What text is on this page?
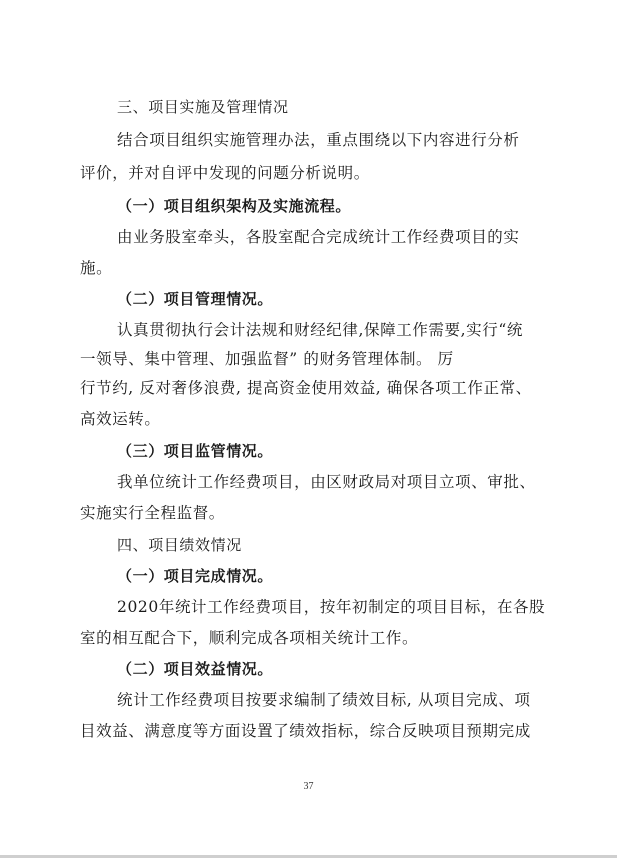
三、项目实施及管理情况
结合项目组织实施管理办法，重点围绕以下内容进行分析
评价，并对自评中发现的问题分析说明。
（一）项目组织架构及实施流程。
由业务股室牵头，各股室配合完成统计工作经费项目的实
施。
（二）项目管理情况。
认真贯彻执行会计法规和财经纪律,保障工作需要,实行“统
一领导、集中管理、加强监督” 的财务管理体制。 厉
行节约, 反对奢侈浪费, 提高资金使用效益, 确保各项工作正常、
高效运转。
（三）项目监管情况。
我单位统计工作经费项目，由区财政局对项目立项、审批、
实施实行全程监督。
四、项目绩效情况
（一）项目完成情况。
2020年统计工作经费项目，按年初制定的项目目标，在各股
室的相互配合下，顺利完成各项相关统计工作。
（二）项目效益情况。
统计工作经费项目按要求编制了绩效目标, 从项目完成、项
目效益、满意度等方面设置了绩效指标，综合反映项目预期完成
37
